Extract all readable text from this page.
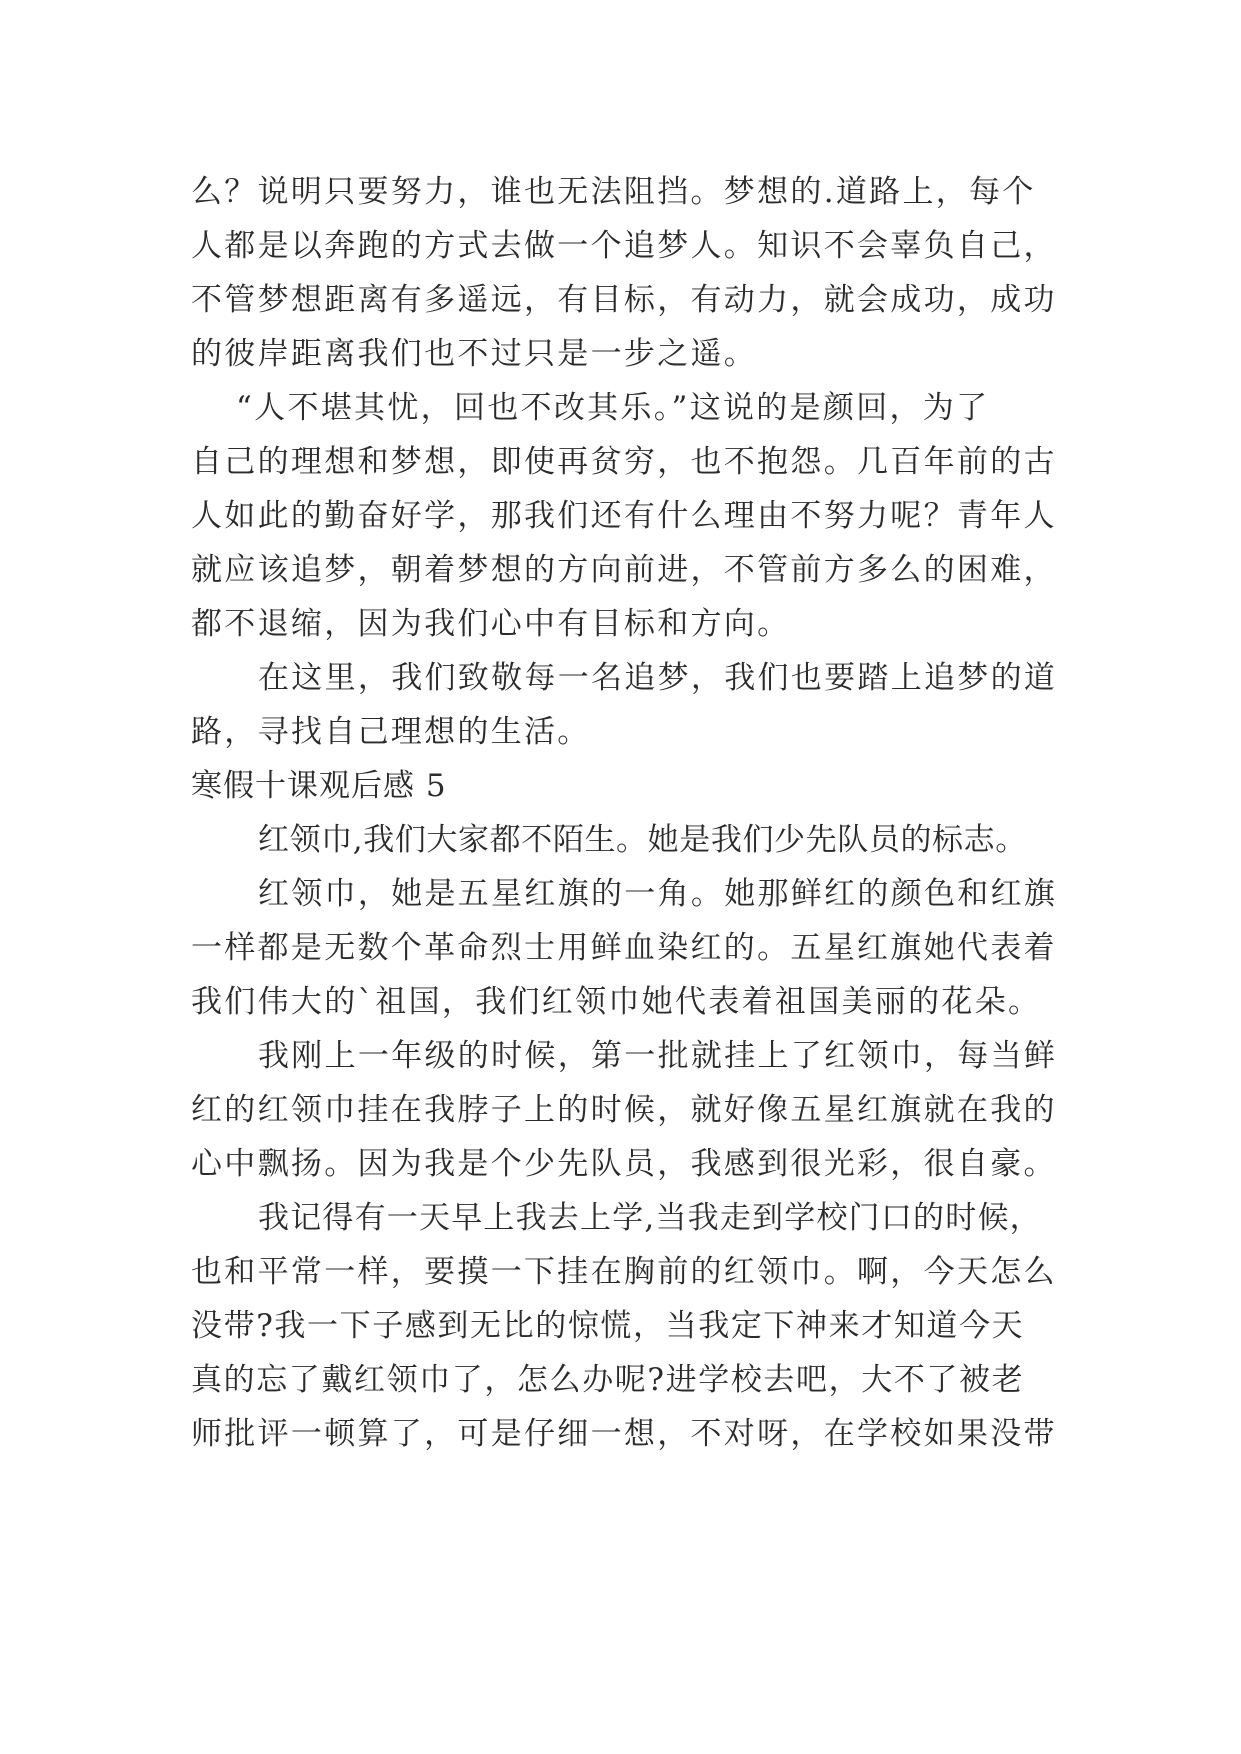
么？说明只要努力，谁也无法阻挡。梦想的.道路上，每个
人都是以奔跑的方式去做一个追梦人。知识不会辜负自己，
不管梦想距离有多遥远，有目标，有动力，就会成功，成功
的彼岸距离我们也不过只是一步之遥。
“人不堪其忧，回也不改其乐。”这说的是颜回，为了
自己的理想和梦想，即使再贫穷，也不抱怨。几百年前的古
人如此的勤奋好学，那我们还有什么理由不努力呢？青年人
就应该追梦，朝着梦想的方向前进，不管前方多么的困难，
都不退缩，因为我们心中有目标和方向。
在这里，我们致敬每一名追梦，我们也要踏上追梦的道
路，寻找自己理想的生活。
寒假十课观后感 5
红领巾,我们大家都不陌生。她是我们少先队员的标志。
红领巾，她是五星红旗的一角。她那鲜红的颜色和红旗
一样都是无数个革命烈士用鲜血染红的。五星红旗她代表着
我们伟大的`祖国，我们红领巾她代表着祖国美丽的花朵。
我刚上一年级的时候，第一批就挂上了红领巾，每当鲜
红的红领巾挂在我脖子上的时候，就好像五星红旗就在我的
心中飘扬。因为我是个少先队员，我感到很光彩，很自豪。
我记得有一天早上我去上学,当我走到学校门口的时候，
也和平常一样，要摸一下挂在胸前的红领巾。啊，今天怎么
没带?我一下子感到无比的惊慌，当我定下神来才知道今天
真的忘了戴红领巾了，怎么办呢?进学校去吧，大不了被老
师批评一顿算了，可是仔细一想，不对呀，在学校如果没带
